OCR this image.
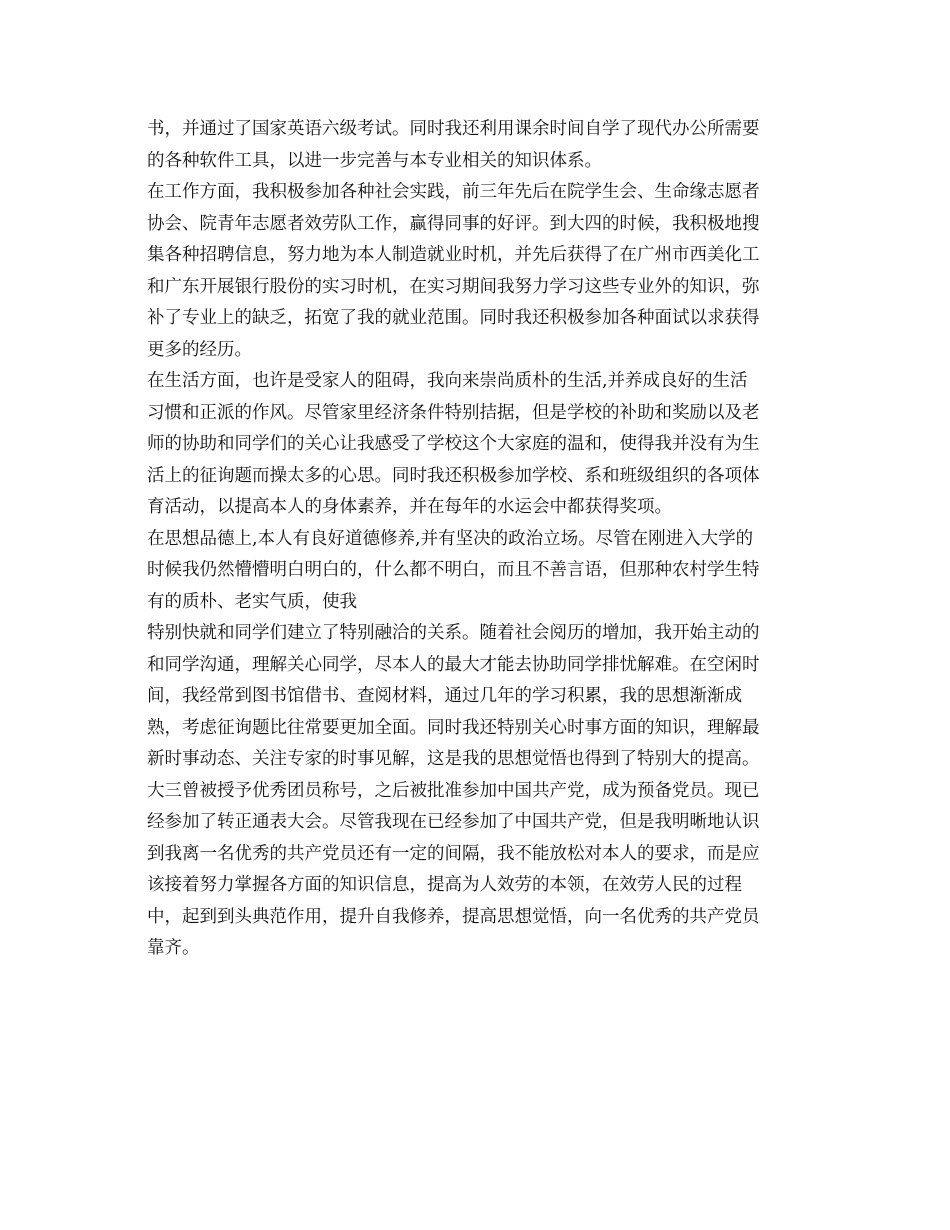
书，并通过了国家英语六级考试。同时我还利用课余时间自学了现代办公所需要
的各种软件工具，以进一步完善与本专业相关的知识体系。
在工作方面，我积极参加各种社会实践，前三年先后在院学生会、生命缘志愿者
协会、院青年志愿者效劳队工作，赢得同事的好评。到大四的时候，我积极地搜
集各种招聘信息，努力地为本人制造就业时机，并先后获得了在广州市西美化工
和广东开展银行股份的实习时机，在实习期间我努力学习这些专业外的知识，弥
补了专业上的缺乏，拓宽了我的就业范围。同时我还积极参加各种面试以求获得
更多的经历。
在生活方面，也许是受家人的阻碍，我向来崇尚质朴的生活,并养成良好的生活
习惯和正派的作风。尽管家里经济条件特别拮据，但是学校的补助和奖励以及老
师的协助和同学们的关心让我感受了学校这个大家庭的温和，使得我并没有为生
活上的征询题而操太多的心思。同时我还积极参加学校、系和班级组织的各项体
育活动，以提高本人的身体素养，并在每年的水运会中都获得奖项。
在思想品德上,本人有良好道德修养,并有坚决的政治立场。尽管在刚进入大学的
时候我仍然懵懵明白明白的，什么都不明白，而且不善言语，但那种农村学生特
有的质朴、老实气质，使我
特别快就和同学们建立了特别融洽的关系。随着社会阅历的增加，我开始主动的
和同学沟通，理解关心同学，尽本人的最大才能去协助同学排忧解难。在空闲时
间，我经常到图书馆借书、查阅材料，通过几年的学习积累，我的思想渐渐成
熟，考虑征询题比往常要更加全面。同时我还特别关心时事方面的知识，理解最
新时事动态、关注专家的时事见解，这是我的思想觉悟也得到了特别大的提高。
大三曾被授予优秀团员称号，之后被批准参加中国共产党，成为预备党员。现已
经参加了转正通表大会。尽管我现在已经参加了中国共产党，但是我明晰地认识
到我离一名优秀的共产党员还有一定的间隔，我不能放松对本人的要求，而是应
该接着努力掌握各方面的知识信息，提高为人效劳的本领，在效劳人民的过程
中，起到到头典范作用，提升自我修养，提高思想觉悟，向一名优秀的共产党员
靠齐。
